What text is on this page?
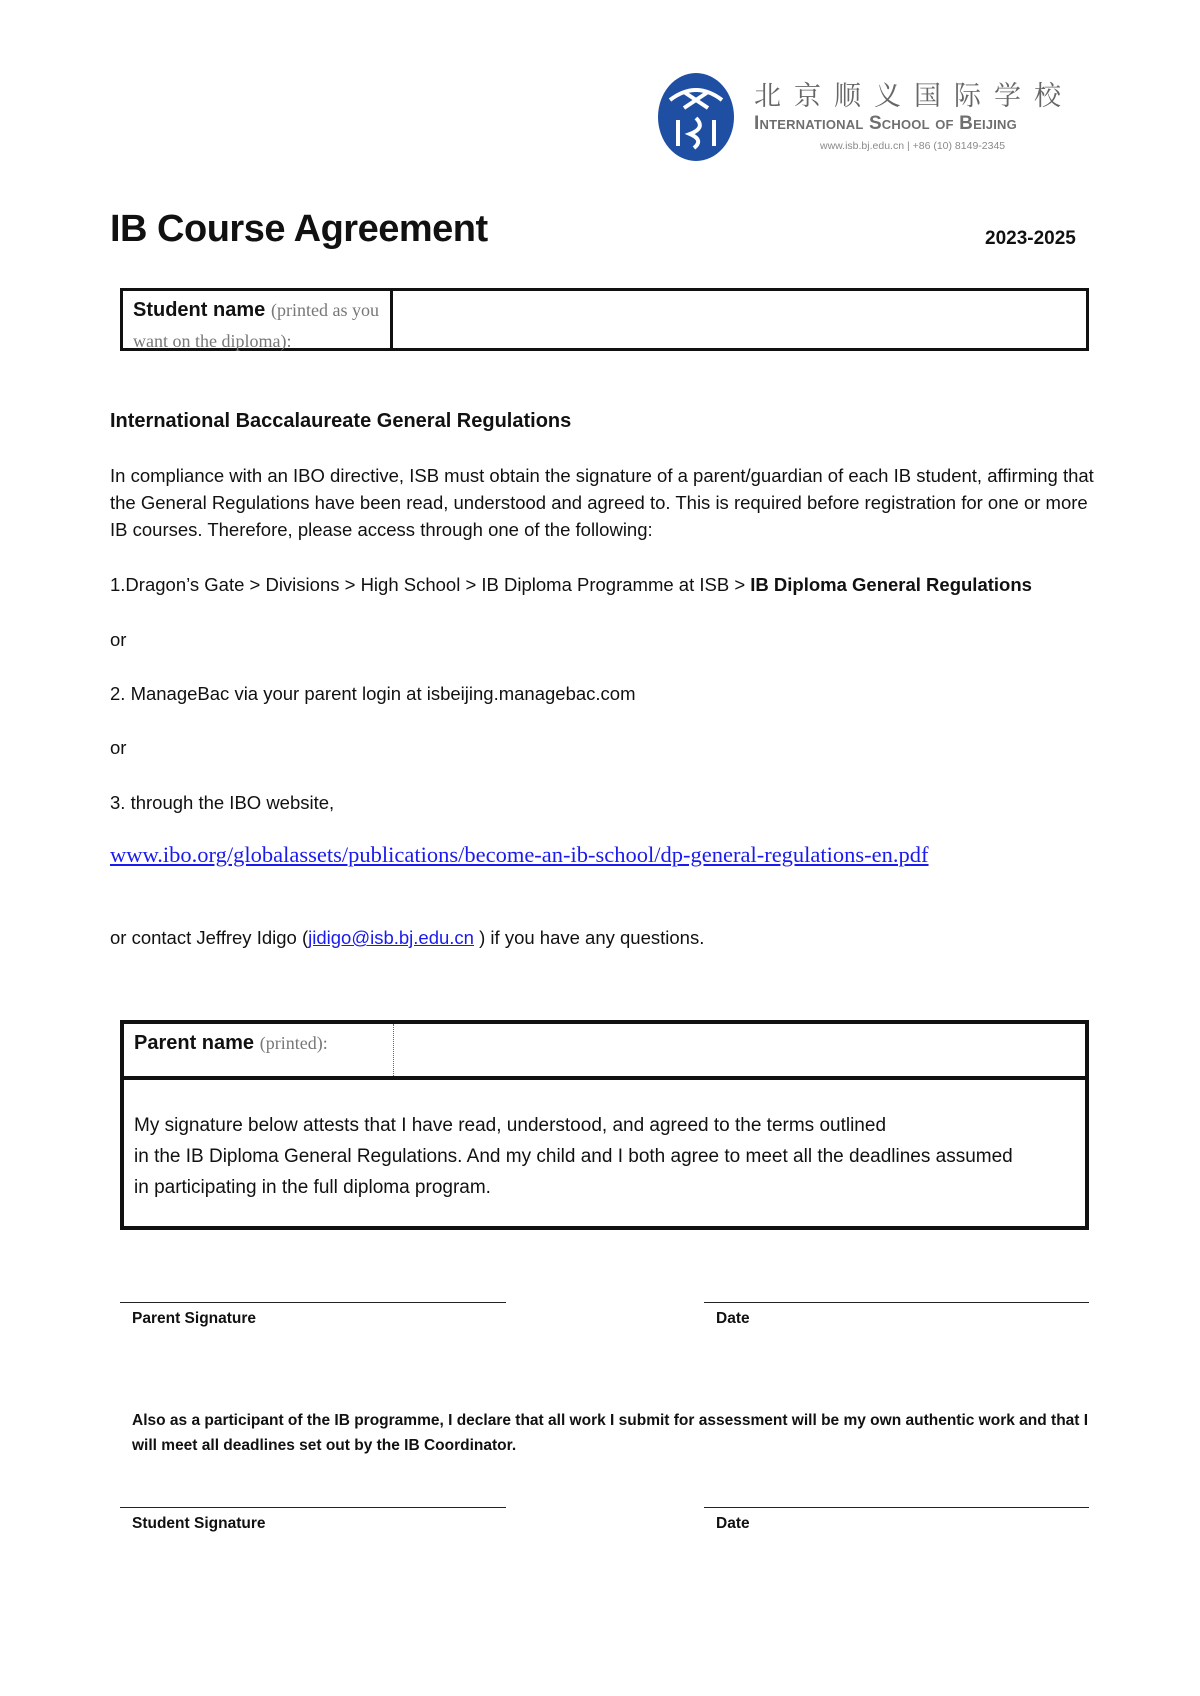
北京顺义国际学校
International School of Beijing
www.isb.bj.edu.cn | +86 (10) 8149-2345
IB Course Agreement	2023-2025
Student name (printed as you want on the diploma):
International Baccalaureate General Regulations
In compliance with an IBO directive, ISB must obtain the signature of a parent/guardian of each IB student, affirming that the General Regulations have been read, understood and agreed to. This is required before registration for one or more IB courses. Therefore, please access through one of the following:
1.Dragon’s Gate > Divisions > High School > IB Diploma Programme at ISB > IB Diploma General Regulations
or
2. ManageBac via your parent login at isbeijing.managebac.com
or
3. through the IBO website,
www.ibo.org/globalassets/publications/become-an-ib-school/dp-general-regulations-en.pdf
or contact Jeffrey Idigo (jidigo@isb.bj.edu.cn ) if you have any questions.
Parent name (printed):
My signature below attests that I have read, understood, and agreed to the terms outlined
in the IB Diploma General Regulations. And my child and I both agree to meet all the deadlines assumed
in participating in the full diploma program.
Parent Signature	Date
Also as a participant of the IB programme, I declare that all work I submit for assessment will be my own authentic work and that I will meet all deadlines set out by the IB Coordinator.
Student Signature	Date
